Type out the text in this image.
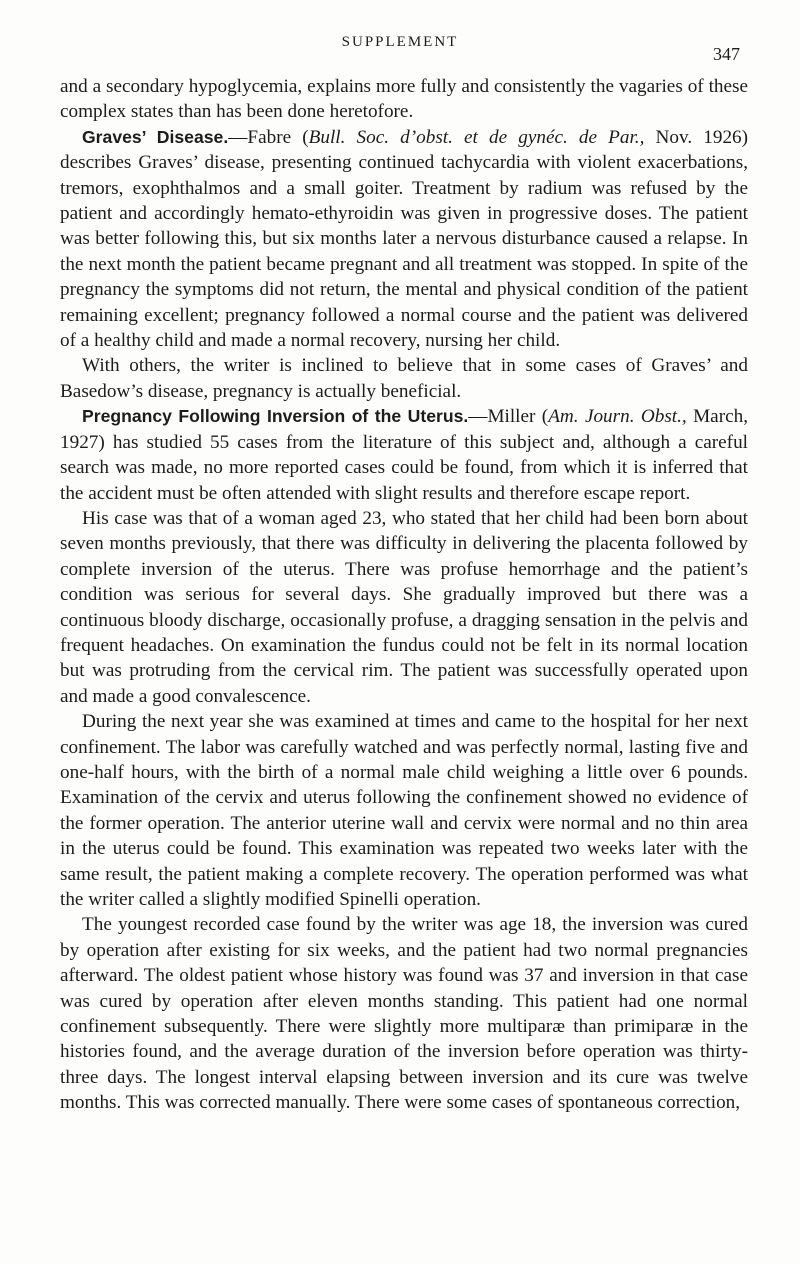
SUPPLEMENT
347

and a secondary hypoglycemia, explains more fully and consistently the vagaries of these complex states than has been done heretofore.

Graves’ Disease.—Fabre (Bull. Soc. d’obst. et de gynéc. de Par., Nov. 1926) describes Graves’ disease, presenting continued tachycardia with violent exacerbations, tremors, exophthalmos and a small goiter. Treatment by radium was refused by the patient and accordingly hemato-ethyroidin was given in progressive doses. The patient was better following this, but six months later a nervous disturbance caused a relapse. In the next month the patient became pregnant and all treatment was stopped. In spite of the pregnancy the symptoms did not return, the mental and physical condition of the patient remaining excellent; pregnancy followed a normal course and the patient was delivered of a healthy child and made a normal recovery, nursing her child.

With others, the writer is inclined to believe that in some cases of Graves’ and Basedow’s disease, pregnancy is actually beneficial.

Pregnancy Following Inversion of the Uterus.—Miller (Am. Journ. Obst., March, 1927) has studied 55 cases from the literature of this subject and, although a careful search was made, no more reported cases could be found, from which it is inferred that the accident must be often attended with slight results and therefore escape report.

His case was that of a woman aged 23, who stated that her child had been born about seven months previously, that there was difficulty in delivering the placenta followed by complete inversion of the uterus. There was profuse hemorrhage and the patient’s condition was serious for several days. She gradually improved but there was a continuous bloody discharge, occasionally profuse, a dragging sensation in the pelvis and frequent headaches. On examination the fundus could not be felt in its normal location but was protruding from the cervical rim. The patient was successfully operated upon and made a good convalescence.

During the next year she was examined at times and came to the hospital for her next confinement. The labor was carefully watched and was perfectly normal, lasting five and one-half hours, with the birth of a normal male child weighing a little over 6 pounds. Examination of the cervix and uterus following the confinement showed no evidence of the former operation. The anterior uterine wall and cervix were normal and no thin area in the uterus could be found. This examination was repeated two weeks later with the same result, the patient making a complete recovery. The operation performed was what the writer called a slightly modified Spinelli operation.

The youngest recorded case found by the writer was age 18, the inversion was cured by operation after existing for six weeks, and the patient had two normal pregnancies afterward. The oldest patient whose history was found was 37 and inversion in that case was cured by operation after eleven months standing. This patient had one normal confinement subsequently. There were slightly more multiparæ than primiparæ in the histories found, and the average duration of the inversion before operation was thirty-three days. The longest interval elapsing between inversion and its cure was twelve months. This was corrected manually. There were some cases of spontaneous correction,
